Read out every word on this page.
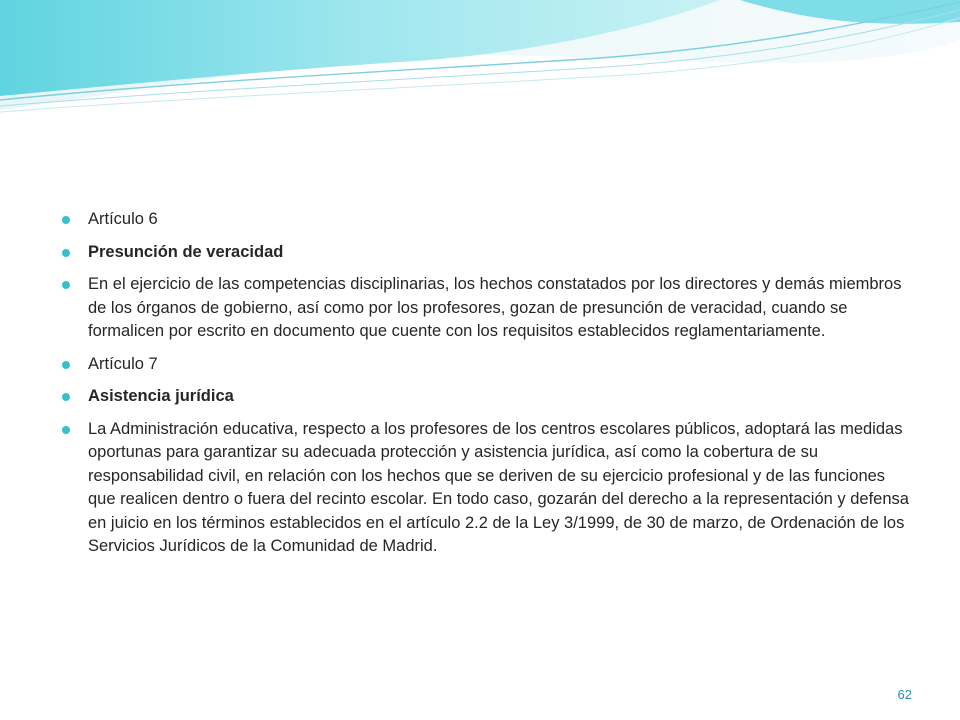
Artículo 6
Presunción de veracidad
En el ejercicio de las competencias disciplinarias, los hechos constatados por los directores y demás miembros de los órganos de gobierno, así como por los profesores, gozan de presunción de veracidad, cuando se formalicen por escrito en documento que cuente con los requisitos establecidos reglamentariamente.
Artículo 7
Asistencia jurídica
La Administración educativa, respecto a los profesores de los centros escolares públicos, adoptará las medidas oportunas para garantizar su adecuada protección y asistencia jurídica, así como la cobertura de su responsabilidad civil, en relación con los hechos que se deriven de su ejercicio profesional y de las funciones que realicen dentro o fuera del recinto escolar. En todo caso, gozarán del derecho a la representación y defensa en juicio en los términos establecidos en el artículo 2.2 de la Ley 3/1999, de 30 de marzo, de Ordenación de los Servicios Jurídicos de la Comunidad de Madrid.
62
